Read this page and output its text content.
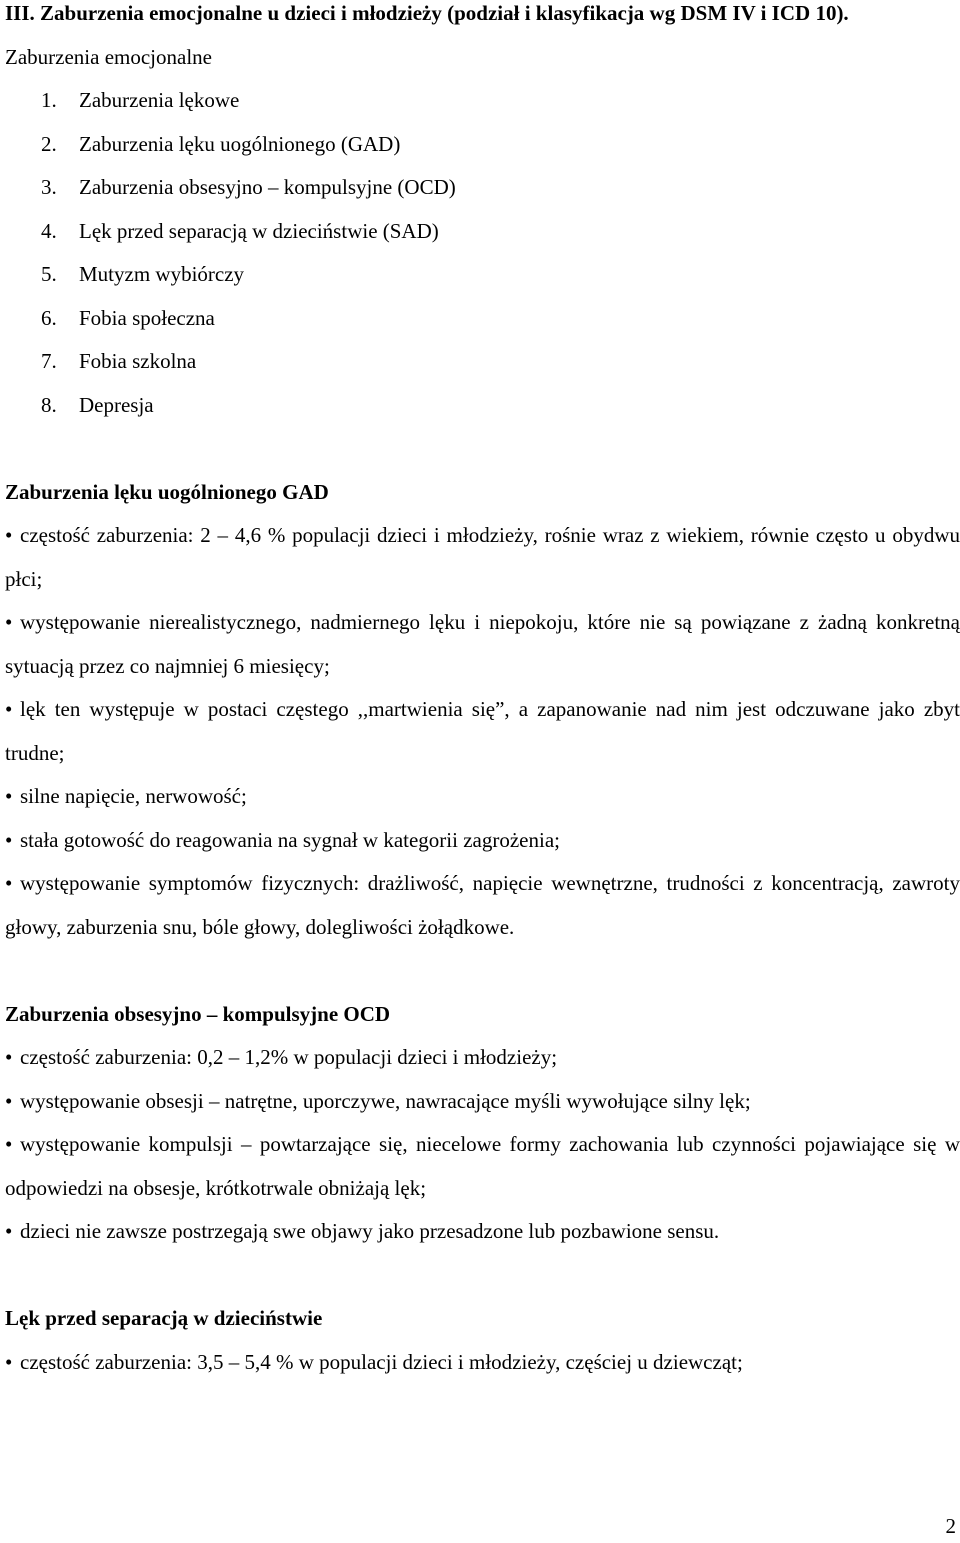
III. Zaburzenia emocjonalne u dzieci i młodzieży (podział i klasyfikacja wg DSM IV i ICD 10).

Zaburzenia emocjonalne

1.	Zaburzenia lękowe
2.	Zaburzenia lęku uogólnionego (GAD)
3.	Zaburzenia obsesyjno – kompulsyjne (OCD)
4.	Lęk przed separacją w dzieciństwie (SAD)
5.	Mutyzm wybiórczy
6.	Fobia społeczna
7.	Fobia szkolna
8.	Depresja

Zaburzenia lęku uogólnionego GAD

• częstość zaburzenia: 2 – 4,6 % populacji dzieci i młodzieży, rośnie wraz z wiekiem, równie często u obydwu płci;
• występowanie nierealistycznego, nadmiernego lęku i niepokoju, które nie są powiązane z żadną konkretną sytuacją przez co najmniej 6 miesięcy;
• lęk ten występuje w postaci częstego ,,martwienia się”, a zapanowanie nad nim jest odczuwane jako zbyt trudne;
• silne napięcie, nerwowość;
• stała gotowość do reagowania na sygnał w kategorii zagrożenia;
• występowanie symptomów fizycznych: drażliwość, napięcie wewnętrzne, trudności z koncentracją, zawroty głowy, zaburzenia snu, bóle głowy, dolegliwości żołądkowe.

Zaburzenia obsesyjno – kompulsyjne OCD

• częstość zaburzenia: 0,2 – 1,2% w populacji dzieci i młodzieży;
• występowanie obsesji – natrętne, uporczywe, nawracające myśli wywołujące silny lęk;
• występowanie kompulsji – powtarzające się, niecelowe formy zachowania lub czynności pojawiające się w odpowiedzi na obsesje, krótkotrwale obniżają lęk;
• dzieci nie zawsze postrzegają swe objawy jako przesadzone lub pozbawione sensu.

Lęk przed separacją w dzieciństwie

• częstość zaburzenia: 3,5 – 5,4 % w populacji dzieci i młodzieży, częściej u dziewcząt;
2
